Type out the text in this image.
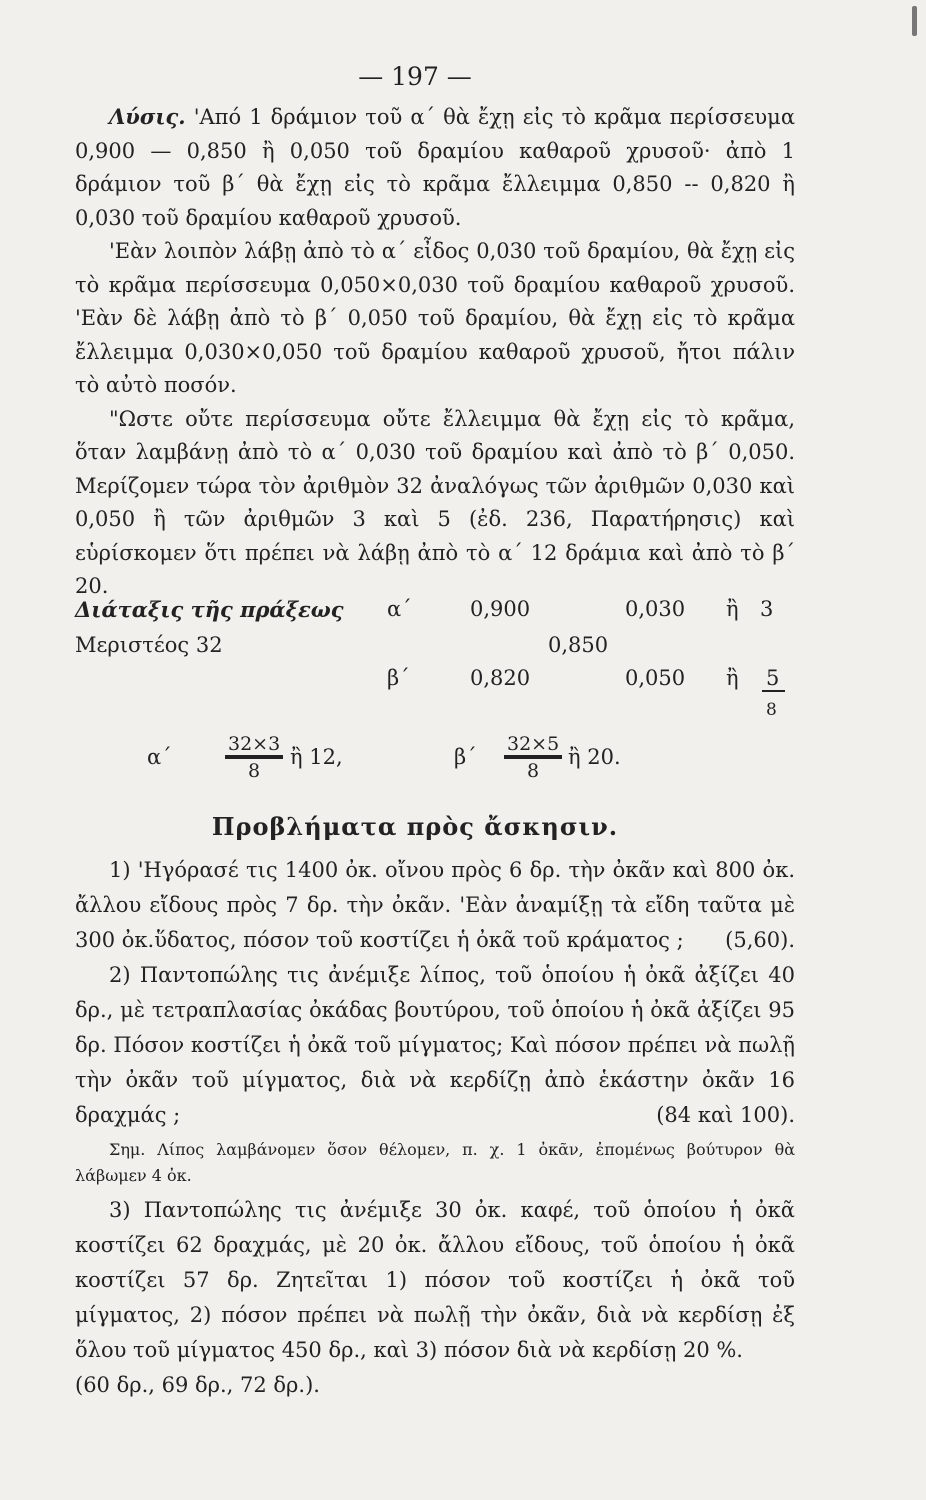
— 197 —

Λύσις. 'Από 1 δράμιον τοῦ α΄ θὰ ἔχῃ εἰς τὸ κρᾶμα περίσσευμα 0,900 — 0,850 ἢ 0,050 τοῦ δραμίου καθαροῦ χρυσοῦ· ἀπὸ 1 δράμιον τοῦ β΄ θὰ ἔχῃ εἰς τὸ κρᾶμα ἔλλειμμα 0,850 -- 0,820 ἢ 0,030 τοῦ δραμίου καθαροῦ χρυσοῦ.

'Εὰν λοιπὸν λάβῃ ἀπὸ τὸ α΄ εἶδος 0,030 τοῦ δραμίου, θὰ ἔχῃ εἰς τὸ κρᾶμα περίσσευμα 0,050×0,030 τοῦ δραμίου καθαροῦ χρυσοῦ. 'Εὰν δὲ λάβῃ ἀπὸ τὸ β΄ 0,050 τοῦ δραμίου, θὰ ἔχῃ εἰς τὸ κρᾶμα ἔλλειμμα 0,030×0,050 τοῦ δραμίου καθαροῦ χρυσοῦ, ἤτοι πάλιν τὸ αὐτὸ ποσόν.

"Ωστε οὔτε περίσσευμα οὔτε ἔλλειμμα θὰ ἔχῃ εἰς τὸ κρᾶμα, ὅταν λαμβάνῃ ἀπὸ τὸ α΄ 0,030 τοῦ δραμίου καὶ ἀπὸ τὸ β΄ 0,050. Μερίζομεν τώρα τὸν ἀριθμὸν 32 ἀναλόγως τῶν ἀριθμῶν 0,030 καὶ 0,050 ἢ τῶν ἀριθμῶν 3 καὶ 5 (ἐδ. 236, Παρατήρησις) καὶ εὑρίσκομεν ὅτι πρέπει νὰ λάβῃ ἀπὸ τὸ α΄ 12 δράμια καὶ ἀπὸ τὸ β΄ 20.

Διάταξις τῆς πράξεως α΄	0,900	0,030 ἢ 3
Μεριστέος 32	0,850
β΄	0,820	0,050 ἢ 5
8
α΄	$\frac{32\times 3}{8}$ ἢ 12,	$\beta΄ \frac{32\times 5}{8}$ ἢ 20.
Προβλήματα πρὸς ἄσκησιν.

1) 'Ηγόρασέ τις 1400 ὀκ. οἴνου πρὸς 6 δρ. τὴν ὀκᾶν καὶ 800 ὀκ. ἄλλου εἴδους πρὸς 7 δρ. τὴν ὀκᾶν. 'Εὰν ἀναμίξῃ τὰ εἴδη ταῦτα μὲ 300 ὀκ.ὕδατος, πόσον τοῦ κοστίζει ἡ ὀκᾶ τοῦ κράματος ;	(5,60).

2) Παντοπώλης τις ἀνέμιξε λίπος, τοῦ ὁποίου ἡ ὀκᾶ ἀξίζει 40 δρ., μὲ τετραπλασίας ὀκάδας βουτύρου, τοῦ ὁποίου ἡ ὀκᾶ ἀξίζει 95 δρ. Πόσον κοστίζει ἡ ὀκᾶ τοῦ μίγματος; Καὶ πόσον πρέπει νὰ πωλῇ τὴν ὀκᾶν τοῦ μίγματος, διὰ νὰ κερδίζῃ ἀπὸ ἑκάστην ὀκᾶν 16 δραχμάς ;	(84 καὶ 100).

Σημ. Λίπος λαμβάνομεν ὅσον θέλομεν, π. χ. 1 ὀκᾶν, ἐπομένως βούτυρον θὰ λάβωμεν 4 ὀκ.

3) Παντοπώλης τις ἀνέμιξε 30 ὀκ. καφέ, τοῦ ὁποίου ἡ ὀκᾶ κοστίζει 62 δραχμάς, μὲ 20 ὀκ. ἄλλου εἴδους, τοῦ ὁποίου ἡ ὀκᾶ κοστίζει 57 δρ. Ζητεῖται 1) πόσον τοῦ κοστίζει ἡ ὀκᾶ τοῦ μίγματος, 2) πόσον πρέπει νὰ πωλῇ τὴν ὀκᾶν, διὰ νὰ κερδίσῃ ἐξ ὅλου τοῦ μίγματος 450 δρ., καὶ 3) πόσον διὰ νὰ κερδίσῃ 20 %.

(60 δρ., 69 δρ., 72 δρ.).
